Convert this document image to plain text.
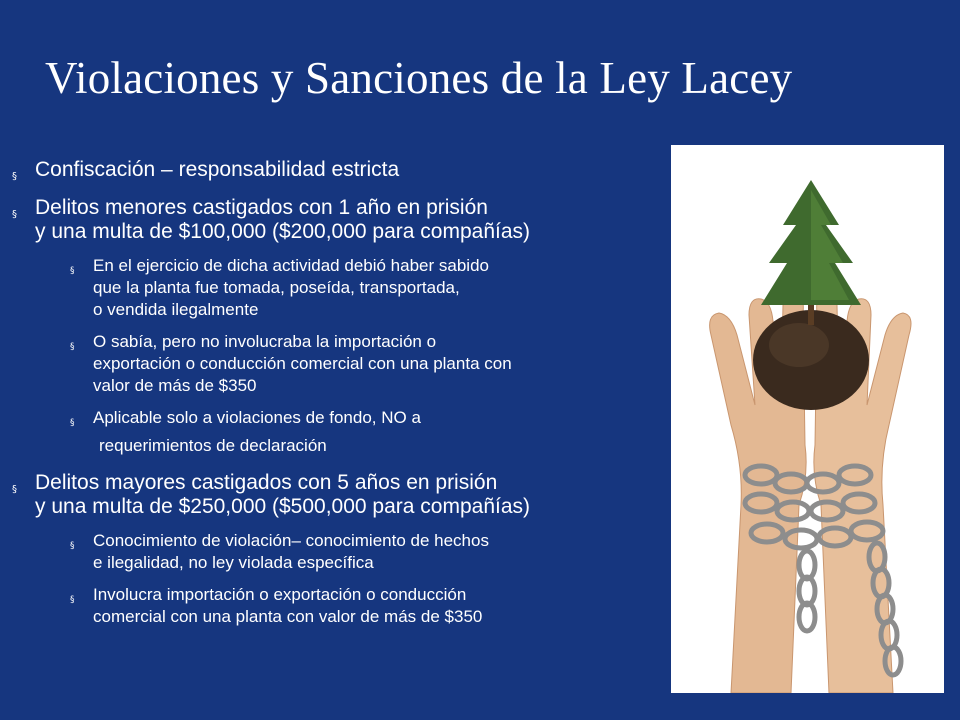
Violaciones y Sanciones de la Ley Lacey
§ Confiscación – responsabilidad estricta
§ Delitos menores castigados con 1 año en prisión
y una multa de $100,000 ($200,000 para compañías)
§ En el ejercicio de dicha actividad debió haber sabido
que la planta fue tomada, poseída, transportada,
o vendida ilegalmente
§ O sabía, pero no involucraba la importación o
exportación o conducción comercial con una planta con
valor de más de $350
§ Aplicable solo a violaciones de fondo, NO a
requerimientos de declaración
§ Delitos mayores castigados con 5 años en prisión
y una multa de $250,000 ($500,000 para compañías)
§ Conocimiento de violación– conocimiento de hechos
e ilegalidad, no ley violada específica
§ Involucra importación o exportación o conducción
comercial con una planta con valor de más de $350
